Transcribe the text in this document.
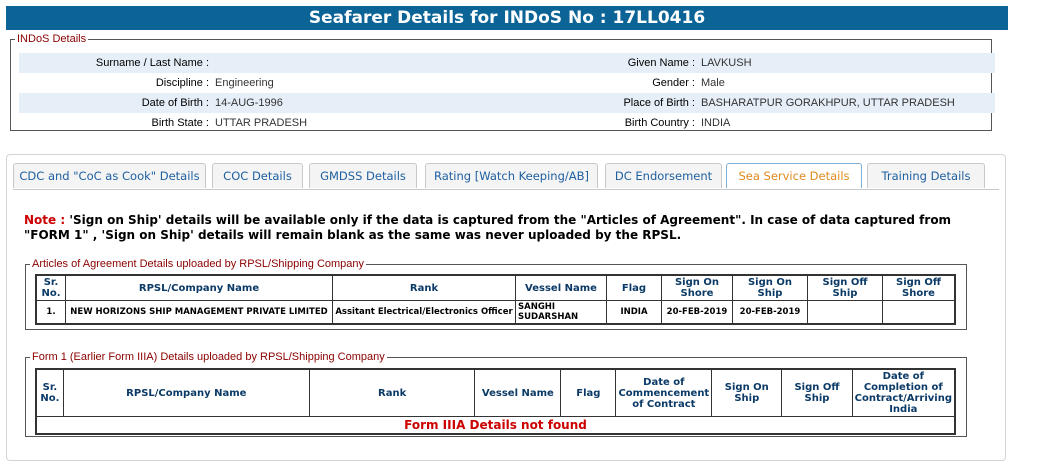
Seafarer Details for INDoS No : 17LL0416
INDoS Details
Surname / Last Name :		Given Name :	LAVKUSH
Discipline :	Engineering	Gender :	Male
Date of Birth :	14-AUG-1996	Place of Birth :	BASHARATPUR GORAKHPUR, UTTAR PRADESH
Birth State :	UTTAR PRADESH	Birth Country :	INDIA
CDC and "CoC as Cook" Details	COC Details	GMDSS Details	Rating [Watch Keeping/AB]	DC Endorsement	Sea Service Details	Training Details
Note : 'Sign on Ship' details will be available only if the data is captured from the "Articles of Agreement". In case of data captured from "FORM 1" , 'Sign on Ship' details will remain blank as the same was never uploaded by the RPSL.
Articles of Agreement Details uploaded by RPSL/Shipping Company
Sr. No.	RPSL/Company Name	Rank	Vessel Name	Flag	Sign On Shore	Sign On Ship	Sign Off Ship	Sign Off Shore
1.	NEW HORIZONS SHIP MANAGEMENT PRIVATE LIMITED	Assitant Electrical/Electronics Officer	SANGHI SUDARSHAN	INDIA	20-FEB-2019	20-FEB-2019		
Form 1 (Earlier Form IIIA) Details uploaded by RPSL/Shipping Company
Sr. No.	RPSL/Company Name	Rank	Vessel Name	Flag	Date of Commencement of Contract	Sign On Ship	Sign Off Ship	Date of Completion of Contract/Arriving India
Form IIIA Details not found
